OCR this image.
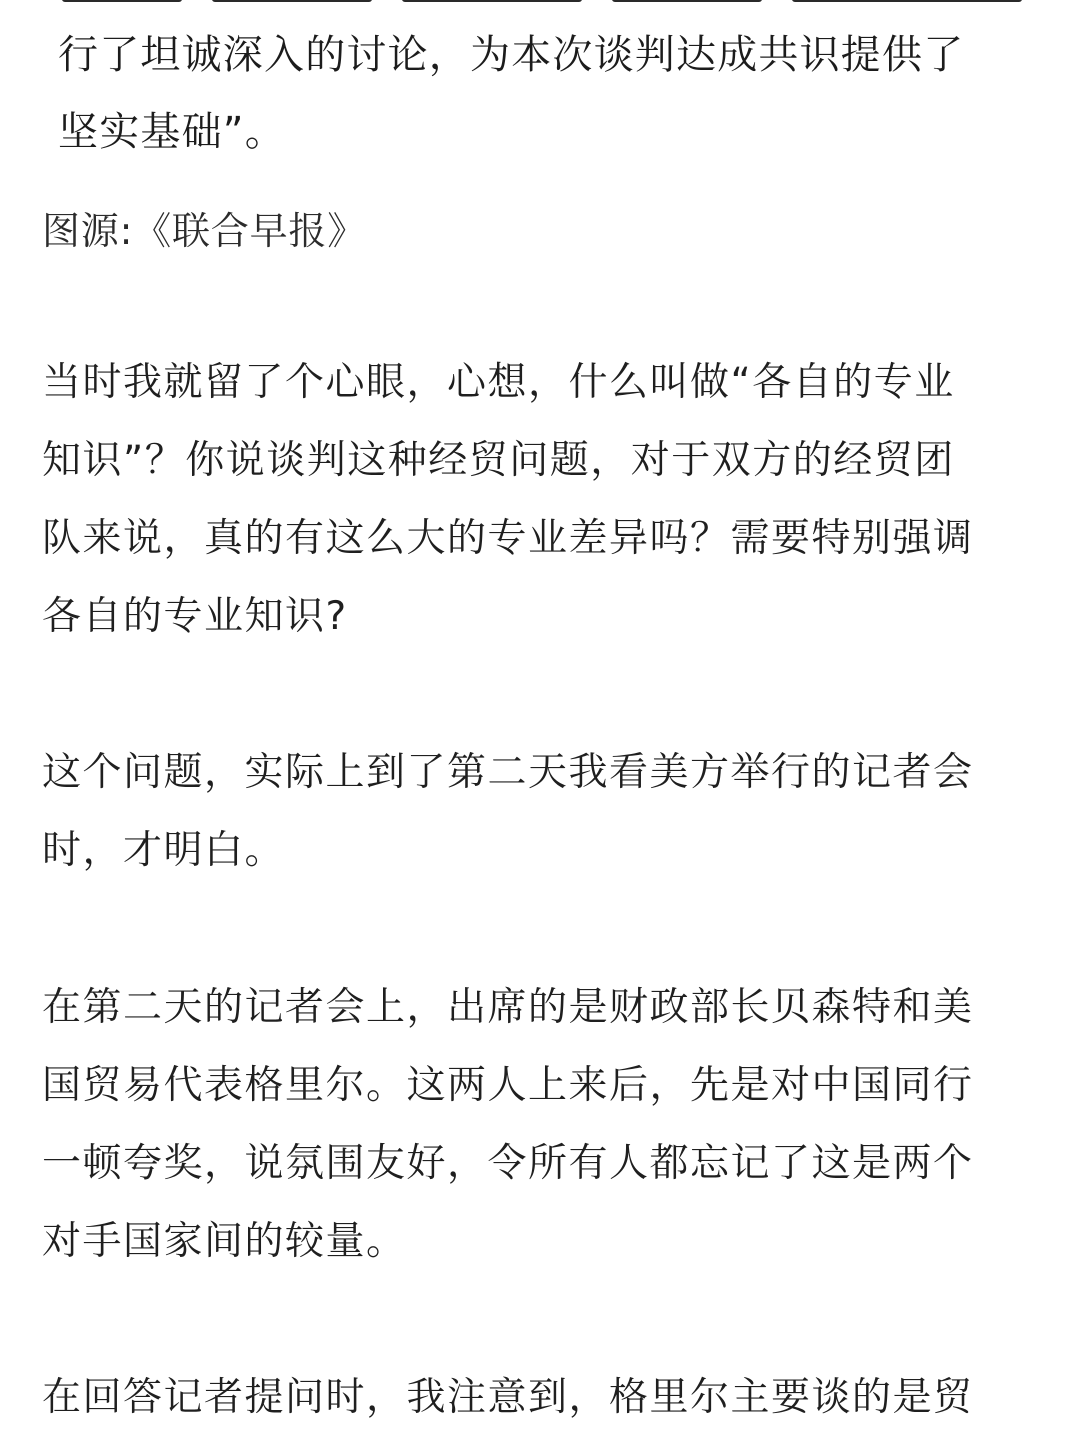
行了坦诚深入的讨论，为本次谈判达成共识提供了
坚实基础”。
图源:《联合早报》
当时我就留了个心眼，心想，什么叫做“各自的专业
知识”？你说谈判这种经贸问题，对于双方的经贸团
队来说，真的有这么大的专业差异吗？需要特别强调
各自的专业知识?
这个问题，实际上到了第二天我看美方举行的记者会
时，才明白。
在第二天的记者会上，出席的是财政部长贝森特和美
国贸易代表格里尔。这两人上来后，先是对中国同行
一顿夸奖，说氛围友好，令所有人都忘记了这是两个
对手国家间的较量。
在回答记者提问时，我注意到，格里尔主要谈的是贸
